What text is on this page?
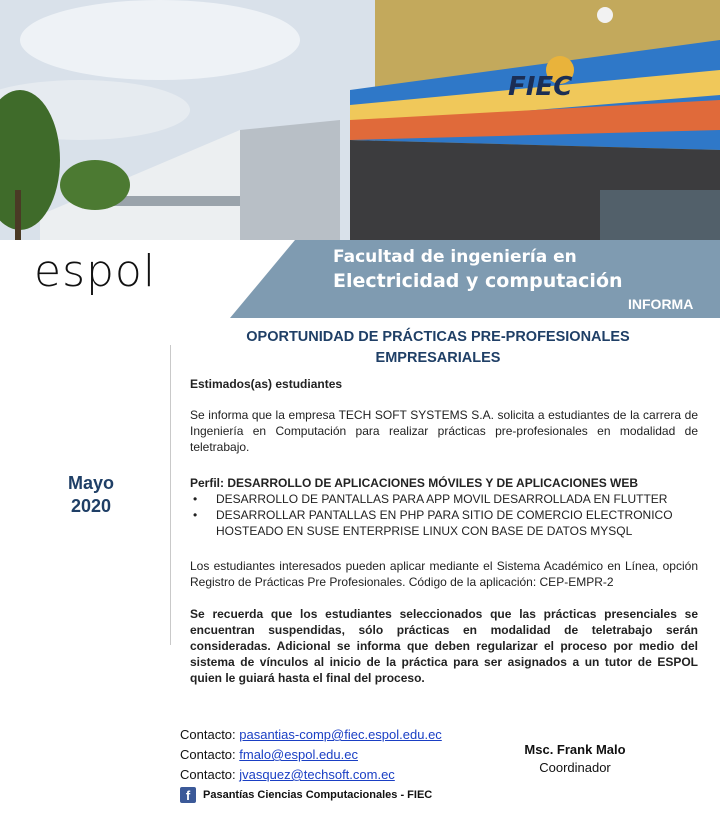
FIEC
espol	Facultad de ingeniería en
Electricidad y computación
INFORMA
OPORTUNIDAD DE PRÁCTICAS PRE-PROFESIONALES
EMPRESARIALES
Mayo
2020
Estimados(as) estudiantes
Se informa que la empresa TECH SOFT SYSTEMS S.A. solicita a estudiantes de la carrera de Ingeniería en Computación para realizar prácticas pre-profesionales en modalidad de teletrabajo.
Perfil: DESARROLLO DE APLICACIONES MÓVILES Y DE APLICACIONES WEB
• DESARROLLO DE PANTALLAS PARA APP MOVIL DESARROLLADA EN FLUTTER
• DESARROLLAR PANTALLAS EN PHP PARA SITIO DE COMERCIO ELECTRONICO HOSTEADO EN SUSE ENTERPRISE LINUX CON BASE DE DATOS MYSQL
Los estudiantes interesados pueden aplicar mediante el Sistema Académico en Línea, opción Registro de Prácticas Pre Profesionales. Código de la aplicación: CEP-EMPR-2
Se recuerda que los estudiantes seleccionados que las prácticas presenciales se encuentran suspendidas, sólo prácticas en modalidad de teletrabajo serán consideradas. Adicional se informa que deben regularizar el proceso por medio del sistema de vínculos al inicio de la práctica para ser asignados a un tutor de ESPOL quien le guiará hasta el final del proceso.
Contacto: pasantias-comp@fiec.espol.edu.ec
Contacto: fmalo@espol.edu.ec
Contacto: jvasquez@techsoft.com.ec
f	Pasantías Ciencias Computacionales - FIEC
Msc. Frank Malo
Coordinador
